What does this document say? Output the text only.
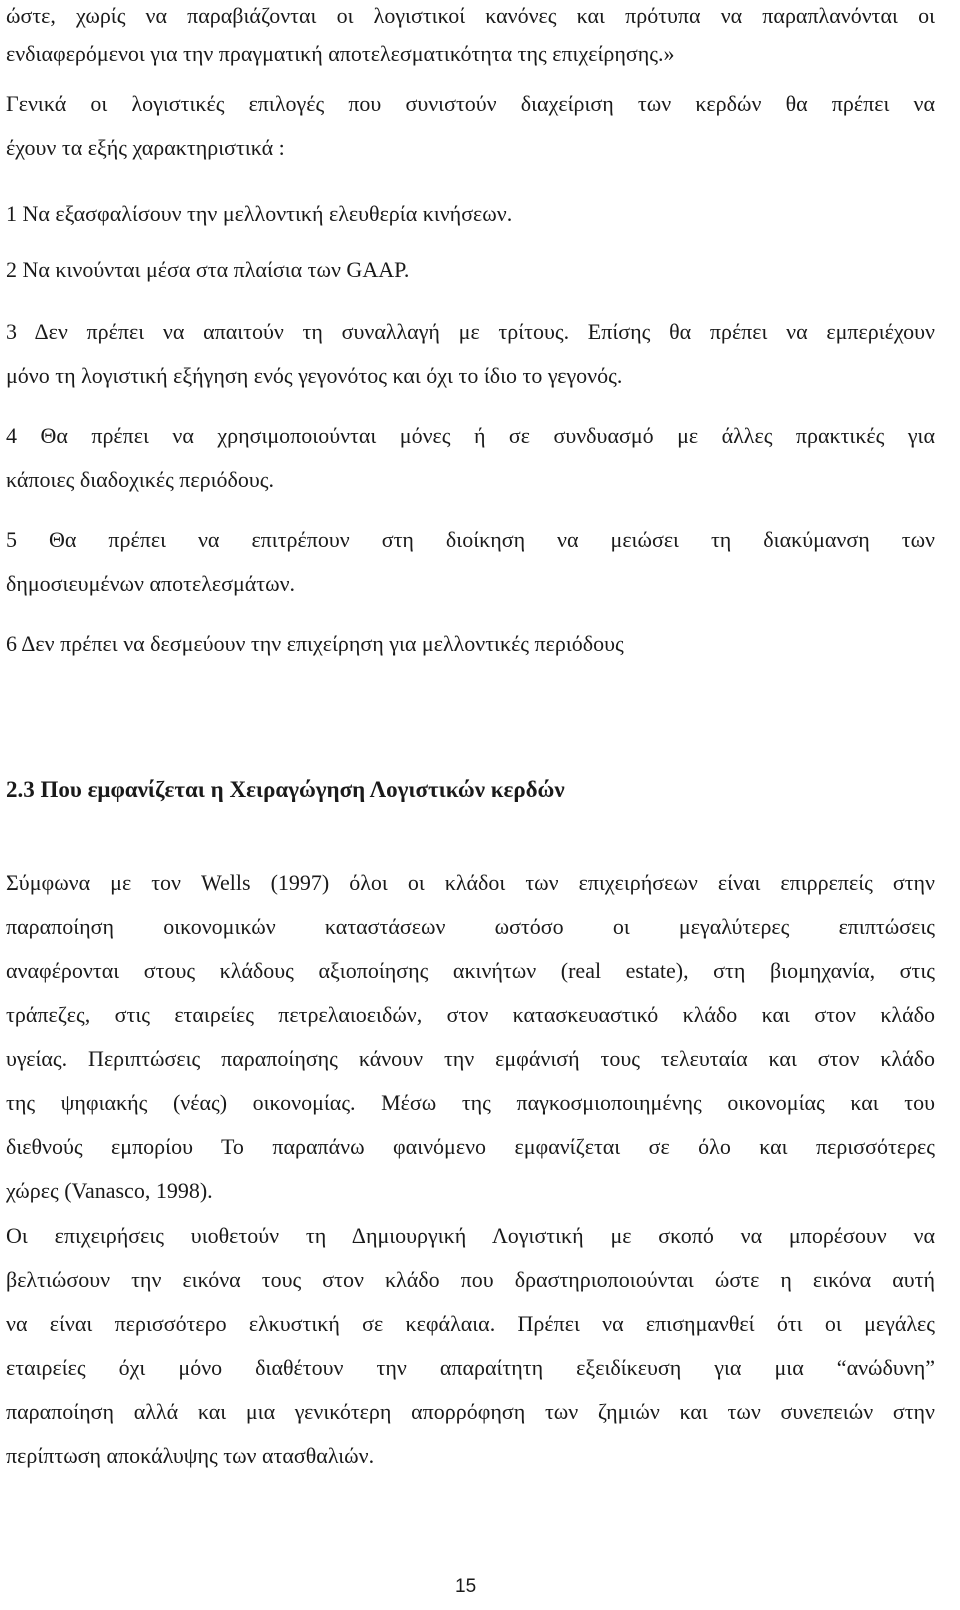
ώστε, χωρίς να παραβιάζονται οι λογιστικοί κανόνες και πρότυπα να παραπλανόνται οι

ενδιαφερόμενοι για την πραγματική αποτελεσματικότητα της επιχείρησης.»

Γενικά οι λογιστικές επιλογές που συνιστούν διαχείριση των κερδών θα πρέπει να

έχουν τα εξής χαρακτηριστικά :

1 Να εξασφαλίσουν την μελλοντική ελευθερία κινήσεων.

2 Να κινούνται μέσα στα πλαίσια των GAAP.

3 Δεν πρέπει να απαιτούν τη συναλλαγή με τρίτους. Επίσης θα πρέπει να εμπεριέχουν

μόνο τη λογιστική εξήγηση ενός γεγονότος και όχι το ίδιο το γεγονός.

4 Θα πρέπει να χρησιμοποιούνται μόνες ή σε συνδυασμό με άλλες πρακτικές για

κάποιες διαδοχικές περιόδους.

5 Θα πρέπει να επιτρέπουν στη διοίκηση να μειώσει τη διακύμανση των

δημοσιευμένων αποτελεσμάτων.

6 Δεν πρέπει να δεσμεύουν την επιχείρηση για μελλοντικές περιόδους

2.3 Που εμφανίζεται η Χειραγώγηση Λογιστικών κερδών

Σύμφωνα με τον Wells (1997) όλοι οι κλάδοι των επιχειρήσεων είναι επιρρεπείς στην

παραποίηση οικονομικών καταστάσεων ωστόσο οι μεγαλύτερες επιπτώσεις

αναφέρονται στους κλάδους αξιοποίησης ακινήτων (real estate), στη βιομηχανία, στις

τράπεζες, στις εταιρείες πετρελαιοειδών, στον κατασκευαστικό κλάδο και στον κλάδο

υγείας. Περιπτώσεις παραποίησης κάνουν την εμφάνισή τους τελευταία και στον κλάδο

της ψηφιακής (νέας) οικονομίας. Μέσω της παγκοσμιοποιημένης οικονομίας και του

διεθνούς εμπορίου Το παραπάνω φαινόμενο εμφανίζεται σε όλο και περισσότερες

χώρες (Vanasco, 1998).

Οι επιχειρήσεις υιοθετούν τη Δημιουργική Λογιστική με σκοπό να μπορέσουν να

βελτιώσουν την εικόνα τους στον κλάδο που δραστηριοποιούνται ώστε η εικόνα αυτή

να είναι περισσότερο ελκυστική σε κεφάλαια. Πρέπει να επισημανθεί ότι οι μεγάλες

εταιρείες όχι μόνο διαθέτουν την απαραίτητη εξειδίκευση για μια “ανώδυνη”

παραποίηση αλλά και μια γενικότερη απορρόφηση των ζημιών και των συνεπειών στην

περίπτωση αποκάλυψης των ατασθαλιών.

15
